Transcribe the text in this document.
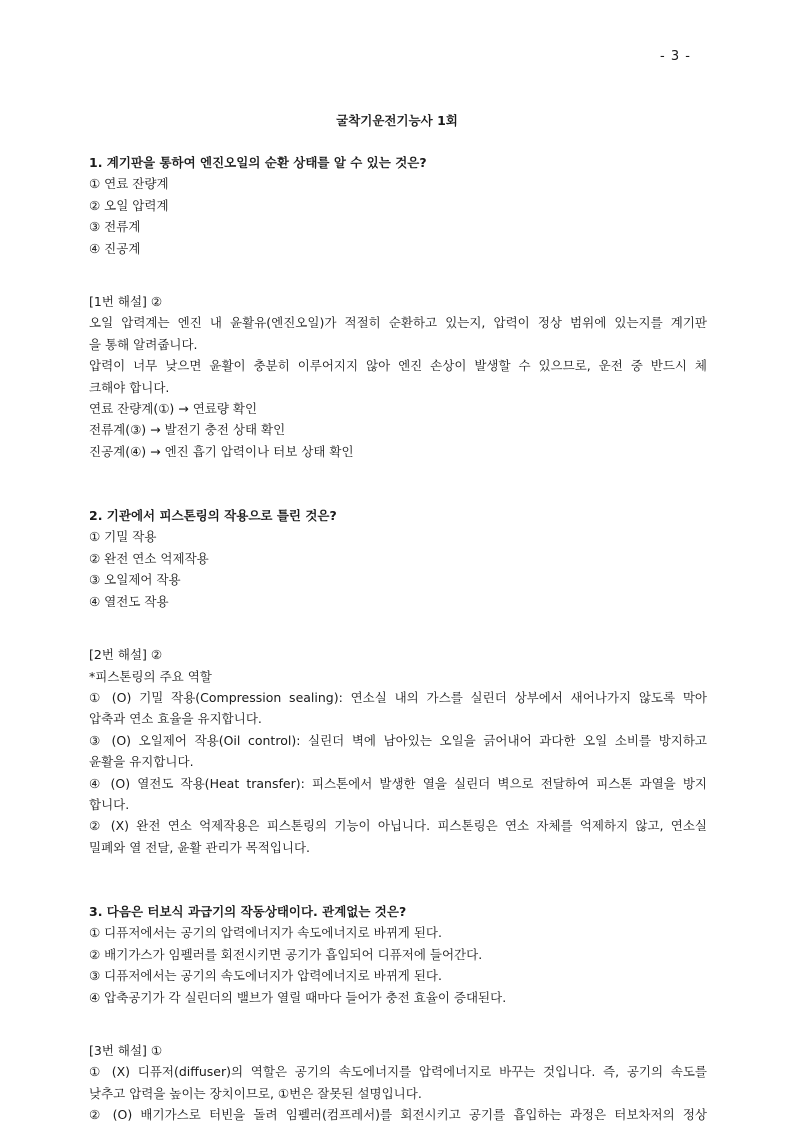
- 3 -
굴착기운전기능사 1회
1. 계기판을 통하여 엔진오일의 순환 상태를 알 수 있는 것은?
① 연료 잔량계
② 오일 압력계
③ 전류계
④ 진공계
[1번 해설] ②
오일 압력계는 엔진 내 윤활유(엔진오일)가 적절히 순환하고 있는지, 압력이 정상 범위에 있는지를 계기판
을 통해 알려줍니다.
압력이 너무 낮으면 윤활이 충분히 이루어지지 않아 엔진 손상이 발생할 수 있으므로, 운전 중 반드시 체
크해야 합니다.
연료 잔량계(①) → 연료량 확인
전류계(③) → 발전기 충전 상태 확인
진공계(④) → 엔진 흡기 압력이나 터보 상태 확인
2. 기관에서 피스톤링의 작용으로 틀린 것은?
① 기밀 작용
② 완전 연소 억제작용
③ 오일제어 작용
④ 열전도 작용
[2번 해설] ②
*피스톤링의 주요 역할
① (O) 기밀 작용(Compression sealing): 연소실 내의 가스를 실린더 상부에서 새어나가지 않도록 막아
압축과 연소 효율을 유지합니다.
③ (O) 오일제어 작용(Oil control): 실린더 벽에 남아있는 오일을 긁어내어 과다한 오일 소비를 방지하고
윤활을 유지합니다.
④ (O) 열전도 작용(Heat transfer): 피스톤에서 발생한 열을 실린더 벽으로 전달하여 피스톤 과열을 방지
합니다.
② (X) 완전 연소 억제작용은 피스톤링의 기능이 아닙니다. 피스톤링은 연소 자체를 억제하지 않고, 연소실
밀폐와 열 전달, 윤활 관리가 목적입니다.
3. 다음은 터보식 과급기의 작동상태이다. 관계없는 것은?
① 디퓨저에서는 공기의 압력에너지가 속도에너지로 바뀌게 된다.
② 배기가스가 임펠러를 회전시키면 공기가 흡입되어 디퓨저에 들어간다.
③ 디퓨저에서는 공기의 속도에너지가 압력에너지로 바뀌게 된다.
④ 압축공기가 각 실린더의 밸브가 열릴 때마다 들어가 충전 효율이 증대된다.
[3번 해설] ①
① (X) 디퓨저(diffuser)의 역할은 공기의 속도에너지를 압력에너지로 바꾸는 것입니다. 즉, 공기의 속도를
낮추고 압력을 높이는 장치이므로, ①번은 잘못된 설명입니다.
② (O) 배기가스로 터빈을 돌려 임펠러(컴프레서)를 회전시키고 공기를 흡입하는 과정은 터보차저의 정상
